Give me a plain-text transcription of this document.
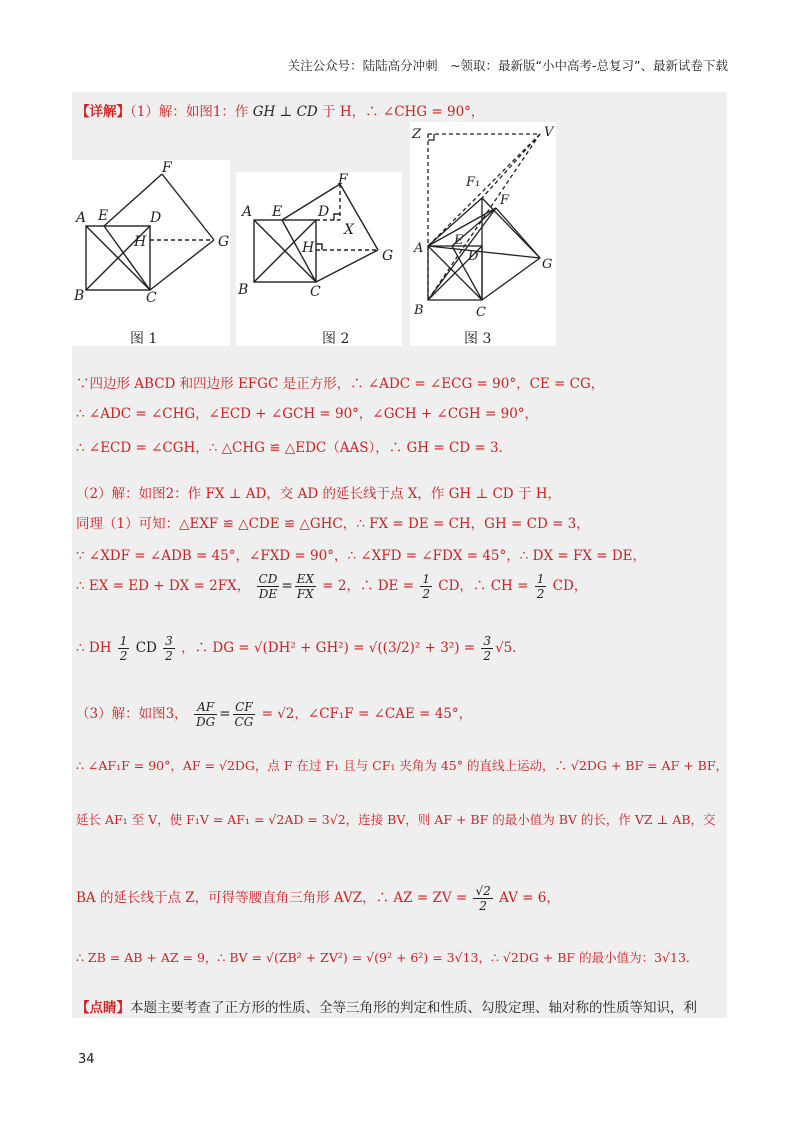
关注公众号：陆陆高分冲刺　~领取：最新版“小中高考-总复习”、最新试卷下载
【详解】（1）解：如图1：作 GH ⊥ CD 于 H，∴ ∠CHG = 90°，
F
A E	D
H	G
B	C
图 1
F
A E	D
X
H	G
B	C
图 2
Z	V
F₁
F
A
E
D
G
B	C
图 3
∵四边形 ABCD 和四边形 EFGC 是正方形，∴ ∠ADC = ∠ECG = 90°，CE = CG，
∴ ∠ADC = ∠CHG，∠ECD + ∠GCH = 90°，∠GCH + ∠CGH = 90°，
∴ ∠ECD = ∠CGH，∴ △CHG ≌ △EDC（AAS），∴ GH = CD = 3．
（2）解：如图2：作 FX ⊥ AD，交 AD 的延长线于点 X，作 GH ⊥ CD 于 H，
同理（1）可知：△EXF ≌ △CDE ≌ △GHC，∴ FX = DE = CH，GH = CD = 3，
∵ ∠XDF = ∠ADB = 45°，∠FXD = 90°，∴ ∠XFD = ∠FDX = 45°，∴ DX = FX = DE，
∴ EX = ED + DX = 2FX， $\frac{CD}{DE} = \frac{EX}{FX} = 2$，∴ DE = $\frac{1}{2}$ CD，∴ CH = $\frac{1}{2}$ CD，
∴ DH $\frac{1}{2}$ CD $\frac{3}{2}$ ，∴ DG = $√(DH^2 + GH^2) = √((3/2)^2 + 3^2) = \frac{3}{2} √5$．
（3）解：如图3， $\frac{AF}{DG} = \frac{CF}{CG} = √2$，∠CF₁F = ∠CAE = 45°，
∴ ∠AF₁F = 90°，AF = √2DG，点 F 在过 F₁ 且与 CF₁ 夹角为 45° 的直线上运动，∴ √2DG + BF = AF + BF，
延长 AF₁ 至 V，使 F₁V = AF₁ = √2AD = 3√2，连接 BV，则 AF + BF 的最小值为 BV 的长，作 VZ ⊥ AB，交
BA 的延长线于点 Z，可得等腰直角三角形 AVZ，∴ AZ = ZV = $\frac{√2}{2}$ AV = 6，
∴ ZB = AB + AZ = 9，∴ BV = √(ZB² + ZV²) = √(9² + 6²) = 3√13，∴ √2DG + BF 的最小值为：3√13．
【点睛】本题主要考查了正方形的性质、全等三角形的判定和性质、勾股定理、轴对称的性质等知识，利
34
